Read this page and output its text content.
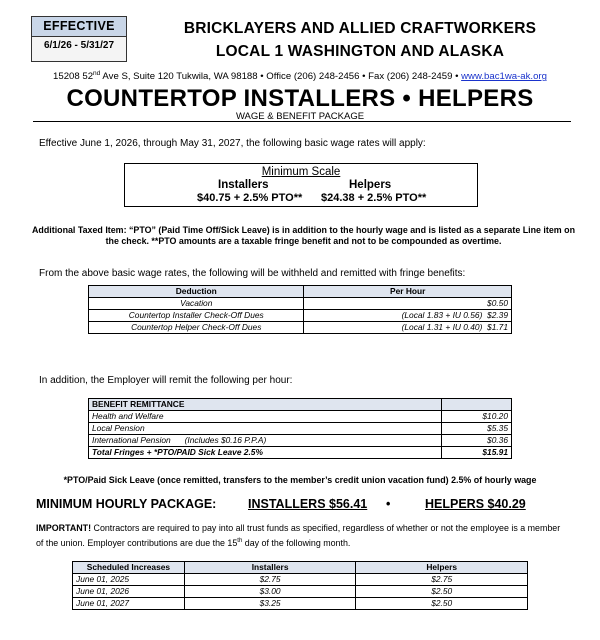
EFFECTIVE
6/1/26 - 5/31/27
BRICKLAYERS AND ALLIED CRAFTWORKERS
LOCAL 1 WASHINGTON AND ALASKA
15208 52nd Ave S, Suite 120 Tukwila, WA 98188 • Office (206) 248-2456 • Fax (206) 248-2459 • www.bac1wa-ak.org
COUNTERTOP INSTALLERS • HELPERS
WAGE & BENEFIT PACKAGE
Effective June 1, 2026, through May 31, 2027, the following basic wage rates will apply:
Minimum Scale
Installers	Helpers
$40.75 + 2.5% PTO** $24.38 + 2.5% PTO**
Additional Taxed Item: “PTO” (Paid Time Off/Sick Leave) is in addition to the hourly wage and is listed as a separate Line item on
the check. **PTO amounts are a taxable fringe benefit and not to be compounded as overtime.
From the above basic wage rates, the following will be withheld and remitted with fringe benefits:
Deduction	Per Hour
Vacation	$0.50
Countertop Installer Check-Off Dues	(Local 1.83 + IU 0.56) $2.39
Countertop Helper Check-Off Dues	(Local 1.31 + IU 0.40) $1.71
In addition, the Employer will remit the following per hour:
BENEFIT REMITTANCE	
Health and Welfare	$10.20
Local Pension	$5.35
International Pension      (Includes $0.16 P.P.A)	$0.36
Total Fringes + *PTO/PAID Sick Leave 2.5%	$15.91
*PTO/Paid Sick Leave (once remitted, transfers to the member’s credit union vacation fund) 2.5% of hourly wage
MINIMUM HOURLY PACKAGE:	INSTALLERS $56.41 •	HELPERS $40.29
IMPORTANT! Contractors are required to pay into all trust funds as specified, regardless of whether or not the employee is a member of the union. Employer contributions are due the 15th day of the following month.
Scheduled Increases	Installers	Helpers
June 01, 2025	$2.75	$2.75
June 01, 2026	$3.00	$2.50
June 01, 2027	$3.25	$2.50
